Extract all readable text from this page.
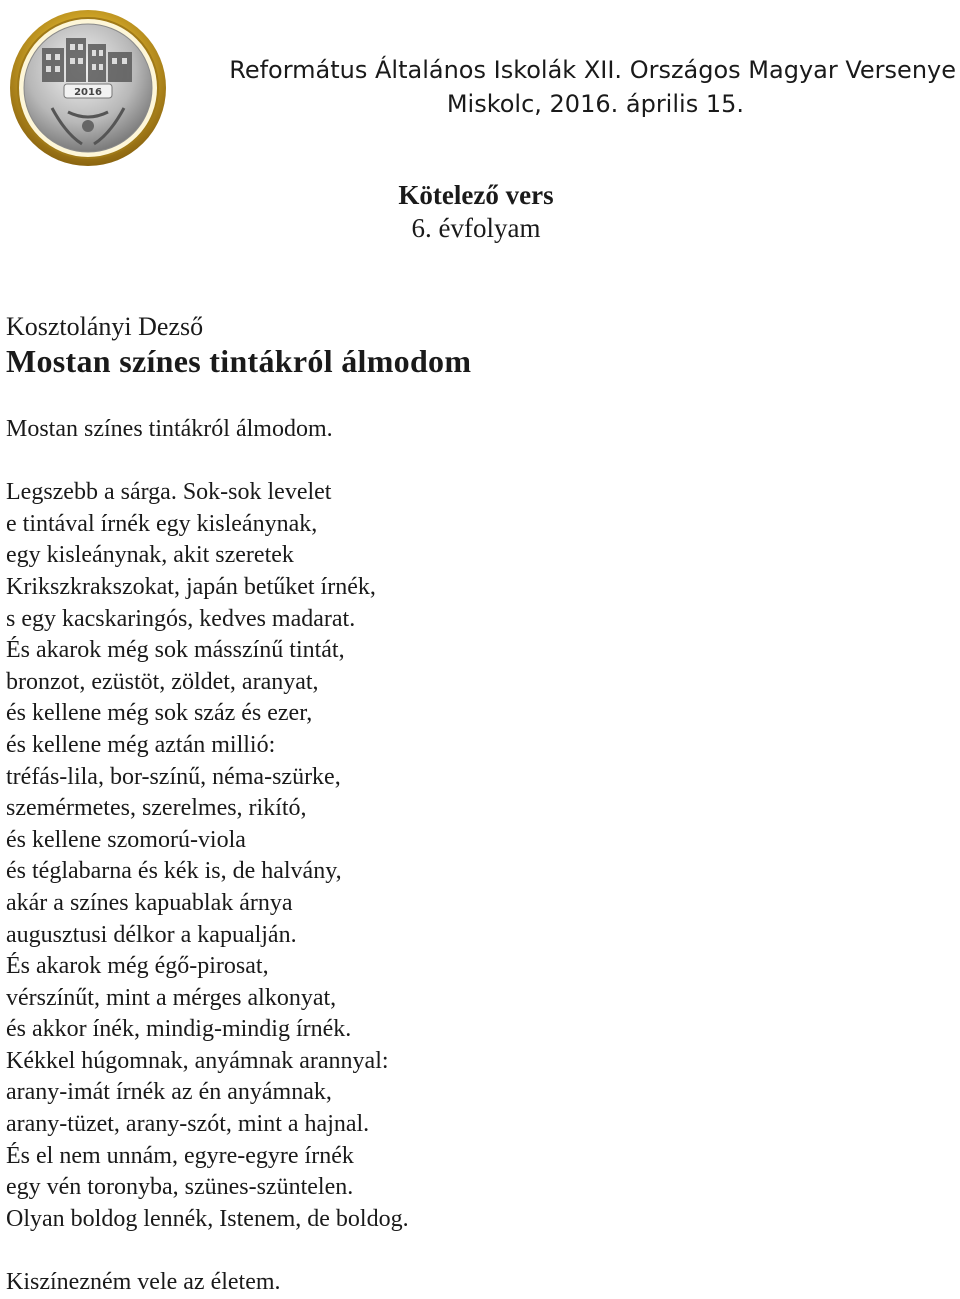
2016
Református Általános Iskolák XII. Országos Magyar Versenye
Miskolc, 2016. április 15.
Kötelező vers
6. évfolyam
Kosztolányi Dezső
Mostan színes tintákról álmodom
Mostan színes tintákról álmodom.
Legszebb a sárga. Sok-sok levelet
e tintával írnék egy kisleánynak,
egy kisleánynak, akit szeretek
Krikszkrakszokat, japán betűket írnék,
s egy kacskaringós, kedves madarat.
És akarok még sok másszínű tintát,
bronzot, ezüstöt, zöldet, aranyat,
és kellene még sok száz és ezer,
és kellene még aztán millió:
tréfás-lila, bor-színű, néma-szürke,
szemérmetes, szerelmes, rikító,
és kellene szomorú-viola
és téglabarna és kék is, de halvány,
akár a színes kapuablak árnya
augusztusi délkor a kapualján.
És akarok még égő-pirosat,
vérszínűt, mint a mérges alkonyat,
és akkor ínék, mindig-mindig írnék.
Kékkel húgomnak, anyámnak arannyal:
arany-imát írnék az én anyámnak,
arany-tüzet, arany-szót, mint a hajnal.
És el nem unnám, egyre-egyre írnék
egy vén toronyba, szünes-szüntelen.
Olyan boldog lennék, Istenem, de boldog.
Kiszínezném vele az életem.
